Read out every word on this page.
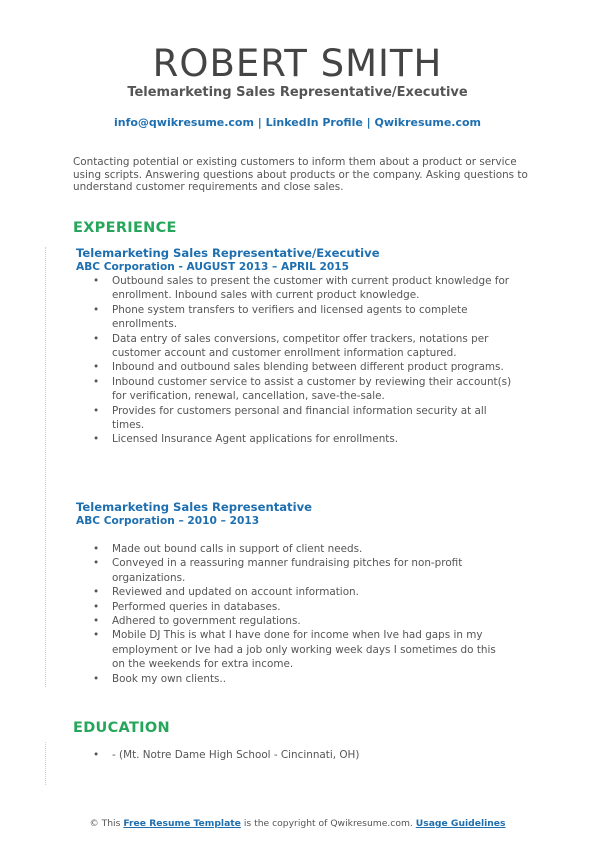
ROBERT SMITH
Telemarketing Sales Representative/Executive
info@qwikresume.com | LinkedIn Profile | Qwikresume.com
Contacting potential or existing customers to inform them about a product or service using scripts. Answering questions about products or the company. Asking questions to understand customer requirements and close sales.
EXPERIENCE
Telemarketing Sales Representative/Executive
ABC Corporation - AUGUST 2013 – APRIL 2015
• Outbound sales to present the customer with current product knowledge for enrollment. Inbound sales with current product knowledge.
• Phone system transfers to verifiers and licensed agents to complete enrollments.
• Data entry of sales conversions, competitor offer trackers, notations per customer account and customer enrollment information captured.
• Inbound and outbound sales blending between different product programs.
• Inbound customer service to assist a customer by reviewing their account(s) for verification, renewal, cancellation, save-the-sale.
• Provides for customers personal and financial information security at all times.
• Licensed Insurance Agent applications for enrollments.
Telemarketing Sales Representative
ABC Corporation – 2010 – 2013
• Made out bound calls in support of client needs.
• Conveyed in a reassuring manner fundraising pitches for non-profit organizations.
• Reviewed and updated on account information.
• Performed queries in databases.
• Adhered to government regulations.
• Mobile DJ This is what I have done for income when Ive had gaps in my employment or Ive had a job only working week days I sometimes do this on the weekends for extra income.
• Book my own clients..
EDUCATION
• - (Mt. Notre Dame High School - Cincinnati, OH)
© This Free Resume Template is the copyright of Qwikresume.com. Usage Guidelines
